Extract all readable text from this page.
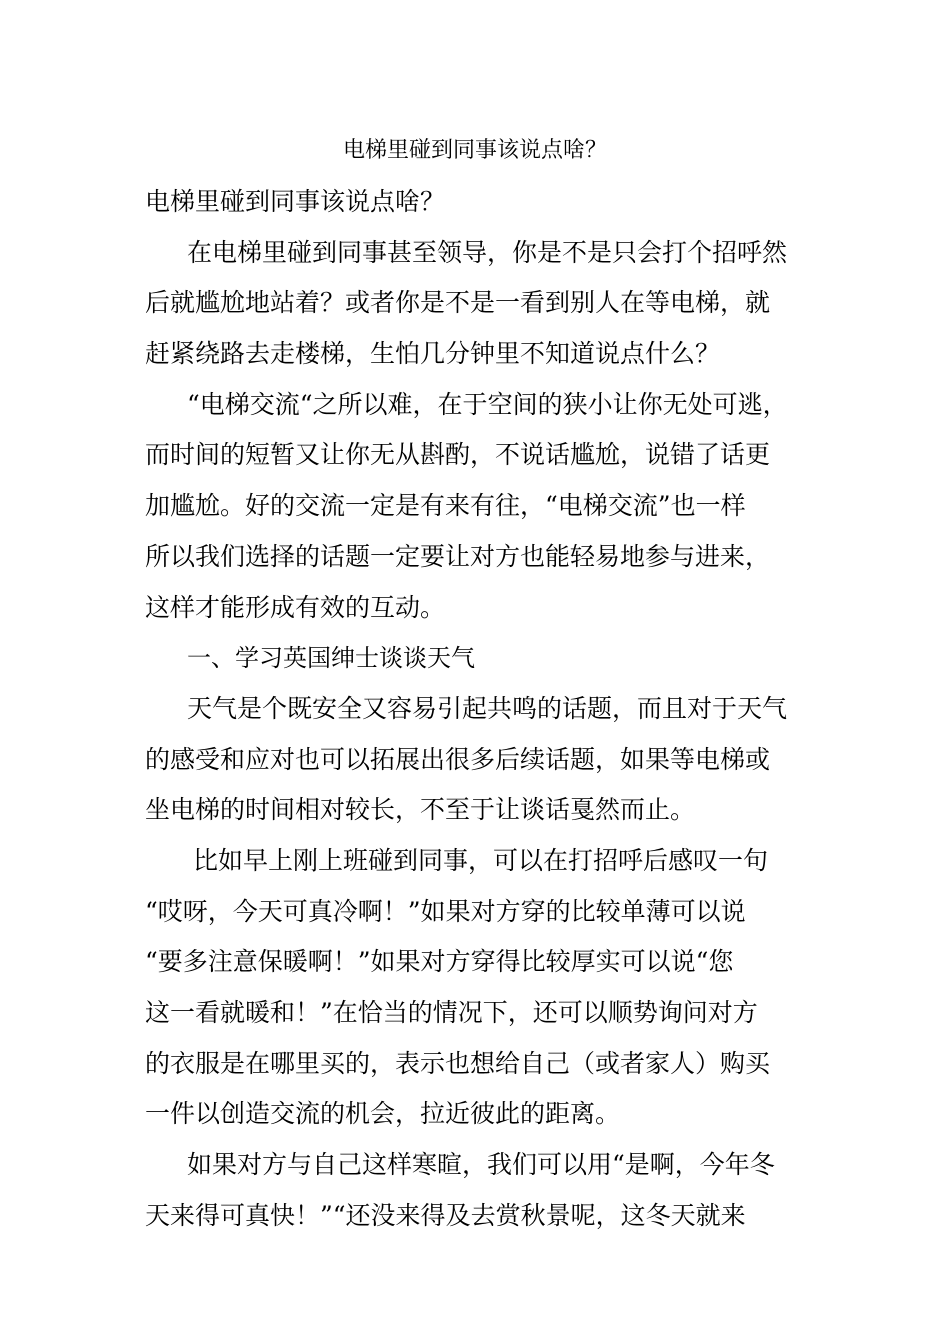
电梯里碰到同事该说点啥？

电梯里碰到同事该说点啥？

在电梯里碰到同事甚至领导，你是不是只会打个招呼然

后就尴尬地站着？或者你是不是一看到别人在等电梯，就

赶紧绕路去走楼梯，生怕几分钟里不知道说点什么？

“电梯交流“之所以难，在于空间的狭小让你无处可逃，

而时间的短暂又让你无从斟酌，不说话尴尬，说错了话更

加尴尬。好的交流一定是有来有往，“电梯交流”也一样

所以我们选择的话题一定要让对方也能轻易地参与进来，

这样才能形成有效的互动。

一、学习英国绅士谈谈天气

天气是个既安全又容易引起共鸣的话题，而且对于天气

的感受和应对也可以拓展出很多后续话题，如果等电梯或

坐电梯的时间相对较长，不至于让谈话戛然而止。

比如早上刚上班碰到同事，可以在打招呼后感叹一句

“哎呀，今天可真冷啊！”如果对方穿的比较单薄可以说

“要多注意保暖啊！”如果对方穿得比较厚实可以说“您

这一看就暖和！”在恰当的情况下，还可以顺势询问对方

的衣服是在哪里买的，表示也想给自己（或者家人）购买

一件以创造交流的机会，拉近彼此的距离。

如果对方与自己这样寒暄，我们可以用“是啊，今年冬

天来得可真快！”“还没来得及去赏秋景呢，这冬天就来
